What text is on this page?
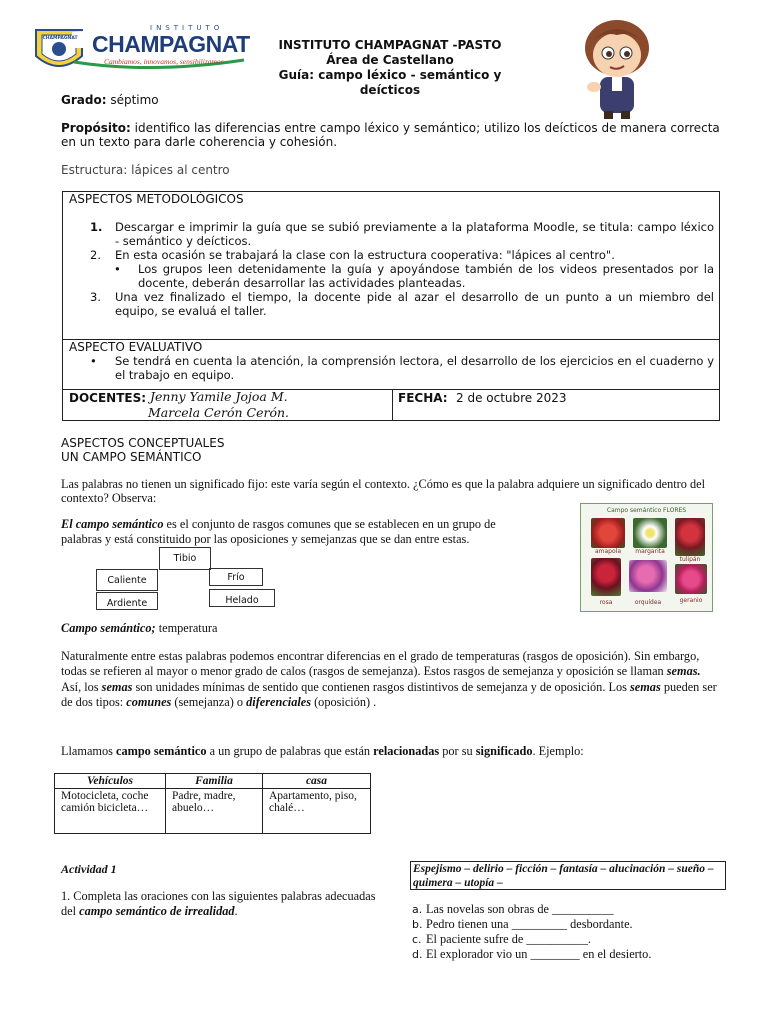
CHAMPAGNAT
INSTITUTO
CHAMPAGNAT
Cambiamos, innovamos, sensibilizamos
INSTITUTO CHAMPAGNAT -PASTO
Área de Castellano
Guía: campo léxico - semántico y deícticos
Grado: séptimo
Propósito: identifico las diferencias entre campo léxico y semántico; utilizo los deícticos de manera correcta en un texto para darle coherencia y cohesión.
Estructura: lápices al centro
ASPECTOS METODOLÓGICOS
1.	Descargar e imprimir la guía que se subió previamente a la plataforma Moodle, se titula: campo léxico - semántico y deícticos.
2.	En esta ocasión se trabajará la clase con la estructura cooperativa: "lápices al centro".
•	Los grupos leen detenidamente la guía y apoyándose también de los videos presentados por la docente, deberán desarrollar las actividades planteadas.
3.	Una vez finalizado el tiempo, la docente pide al azar el desarrollo de un punto a un miembro del equipo, se evaluá el taller.
ASPECTO EVALUATIVO
•	Se tendrá en cuenta la atención, la comprensión lectora, el desarrollo de los ejercicios en el cuaderno y el trabajo en equipo.
DOCENTES: Jenny Yamile Jojoa M.
Marcela Cerón Cerón.
FECHA: 2 de octubre 2023
ASPECTOS CONCEPTUALES
UN CAMPO SEMÁNTICO
Las palabras no tienen un significado fijo: este varía según el contexto. ¿Cómo es que la palabra adquiere un significado dentro del contexto? Observa:
El campo semántico es el conjunto de rasgos comunes que se establecen en un grupo de palabras y está constituido por las oposiciones y semejanzas que se dan entre estas.
Tibio
Caliente	Frío
Ardiente	Helado
Campo semántico FLORES
amapola	margarita
tulipán
rosa	orquídea	geranio
Campo semántico; temperatura
Naturalmente entre estas palabras podemos encontrar diferencias en el grado de temperaturas (rasgos de oposición). Sin embargo, todas se refieren al mayor o menor grado de calos (rasgos de semejanza). Estos rasgos de semejanza y oposición se llaman semas. Así, los semas son unidades mínimas de sentido que contienen rasgos distintivos de semejanza y de oposición. Los semas pueden ser de dos tipos: comunes (semejanza) o diferenciales (oposición) .
Llamamos campo semántico a un grupo de palabras que están relacionadas por su significado. Ejemplo:
Vehículos	Familia	casa
Motocicleta, coche camión bicicleta…	Padre, madre, abuelo…	Apartamento, piso, chalé…
Actividad 1
1. Completa las oraciones con las siguientes palabras adecuadas del campo semántico de irrealidad.
Espejismo – delirio – ficción – fantasía – alucinación – sueño – quimera – utopía –
a. Las novelas son obras de __________
b. Pedro tienen una _________ desbordante.
c. El paciente sufre de __________.
d. El explorador vio un ________ en el desierto.
